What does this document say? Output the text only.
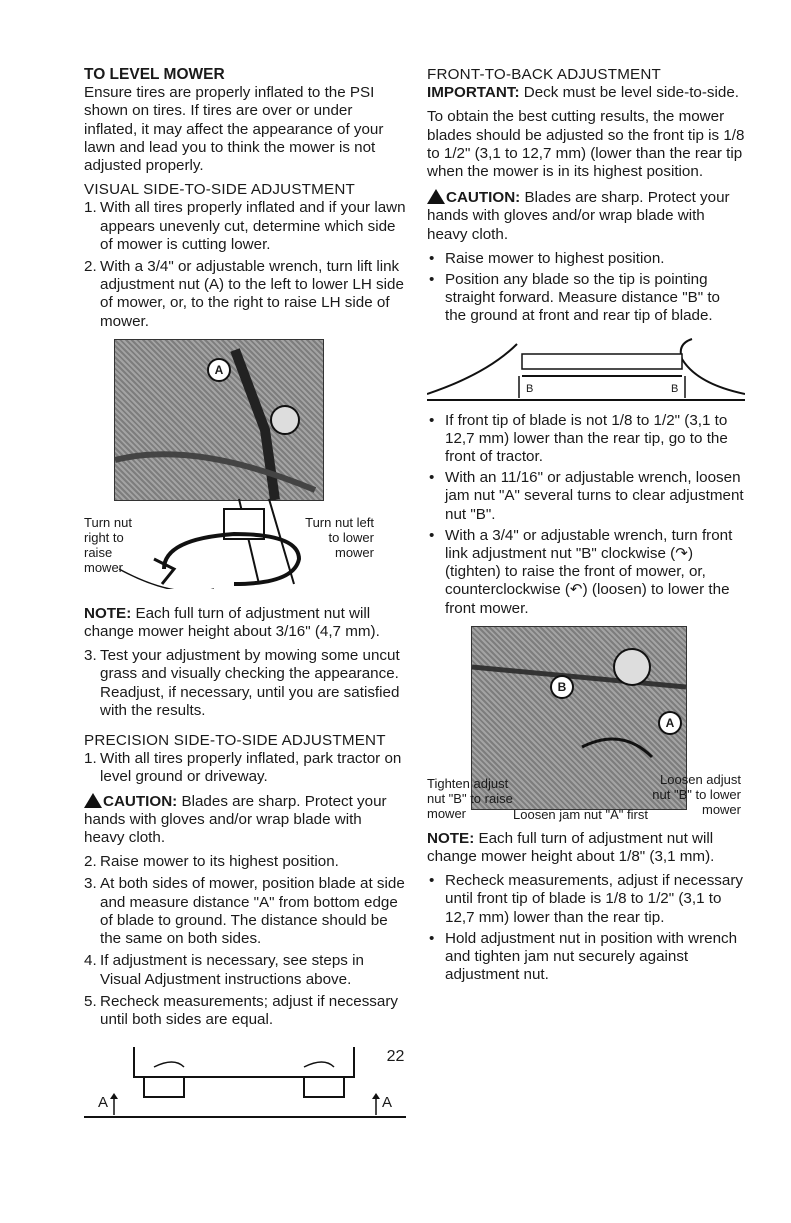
TO LEVEL MOWER

Ensure tires are properly inflated to the PSI shown on tires. If tires are over or under inflated, it may affect the appearance of your lawn and lead you to think the mower is not adjusted properly.

VISUAL SIDE-TO-SIDE ADJUSTMENT

1. With all tires properly inflated and if your lawn appears unevenly cut, determine which side of mower is cutting lower.
2. With a 3/4" or adjustable wrench, turn lift link adjustment nut (A) to the left to lower LH side of mower, or, to the right to raise LH side of mower.
A
Turn nut right to raise mower
Turn nut left to lower mower

NOTE: Each full turn of adjustment nut will change mower height about 3/16" (4,7 mm).

3. Test your adjustment by mowing some uncut grass and visually checking the appearance. Readjust, if necessary, until you are satisfied with the results.

PRECISION SIDE-TO-SIDE ADJUSTMENT

1. With all tires properly inflated, park tractor on level ground or driveway.

CAUTION: Blades are sharp. Protect your hands with gloves and/or wrap blade with heavy cloth.

2. Raise mower to its highest position.
3. At both sides of mower, position blade at side and measure distance "A" from bottom edge of blade to ground. The distance should be the same on both sides.
4. If adjustment is necessary, see steps in Visual Adjustment instructions above.
5. Recheck measurements; adjust if necessary until both sides are equal.
A	A

FRONT-TO-BACK ADJUSTMENT

IMPORTANT: Deck must be level side-to-side.

To obtain the best cutting results, the mower blades should be adjusted so the front tip is 1/8 to 1/2" (3,1 to 12,7 mm) (lower than the rear tip when the mower is in its highest position.

CAUTION: Blades are sharp. Protect your hands with gloves and/or wrap blade with heavy cloth.

• Raise mower to highest position.
• Position any blade so the tip is pointing straight forward. Measure distance "B" to the ground at front and rear tip of blade.
B	B
• If front tip of blade is not 1/8 to 1/2" (3,1 to 12,7 mm) lower than the rear tip, go to the front of tractor.
• With an 11/16" or adjustable wrench, loosen jam nut "A" several turns to clear adjustment nut "B".
• With a 3/4" or adjustable wrench, turn front link adjustment nut "B" clockwise (↷) (tighten) to raise the front of mower, or, counterclockwise (↶) (loosen) to lower the front mower.
B
A
Tighten adjust nut "B" to raise mower
Loosen adjust nut "B" to lower mower
Loosen jam nut "A" first

NOTE: Each full turn of adjustment nut will change mower height about 1/8" (3,1 mm).

• Recheck measurements, adjust if necessary until front tip of blade is 1/8 to 1/2" (3,1 to 12,7 mm) lower than the rear tip.
• Hold adjustment nut in position with wrench and tighten jam nut securely against adjustment nut.
22
